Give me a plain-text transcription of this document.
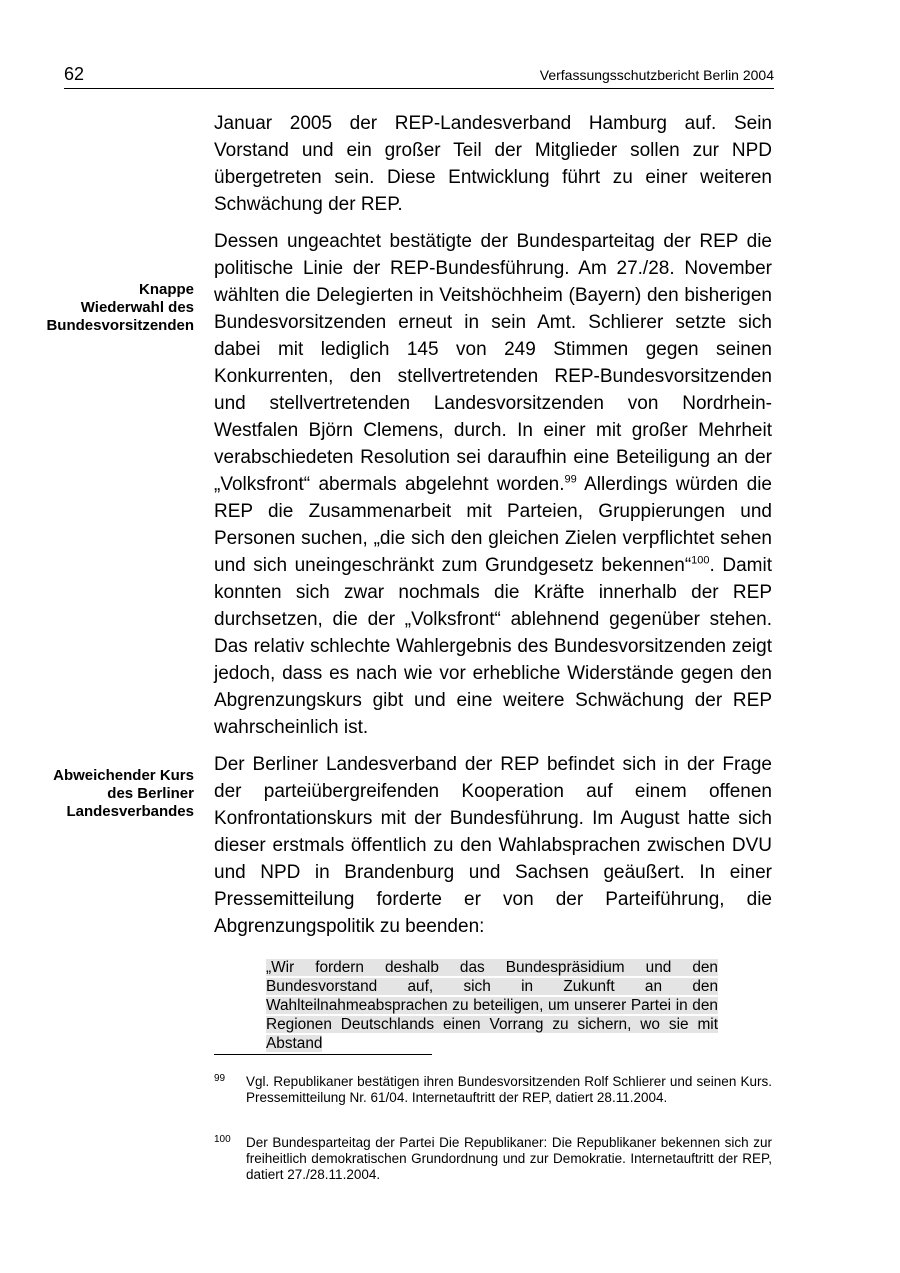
62	Verfassungsschutzbericht Berlin 2004
Knappe
Wiederwahl des
Bundesvorsitzenden
Abweichender Kurs
des Berliner
Landesverbandes

Januar 2005 der REP-Landesverband Hamburg auf. Sein Vorstand und ein großer Teil der Mitglieder sollen zur NPD übergetreten sein. Diese Entwicklung führt zu einer weiteren Schwächung der REP.

Dessen ungeachtet bestätigte der Bundesparteitag der REP die politische Linie der REP-Bundesführung. Am 27./28. November wählten die Delegierten in Veitshöchheim (Bayern) den bisherigen Bundesvorsitzenden erneut in sein Amt. Schlierer setzte sich dabei mit lediglich 145 von 249 Stimmen gegen seinen Konkurrenten, den stellvertretenden REP-Bundesvorsitzenden und stellvertretenden Landesvorsitzenden von Nordrhein-Westfalen Björn Clemens, durch. In einer mit großer Mehrheit verabschiedeten Resolution sei daraufhin eine Beteiligung an der „Volksfront“ abermals abgelehnt worden.$^{99}$ Allerdings würden die REP die Zusammenarbeit mit Parteien, Gruppierungen und Personen suchen, „die sich den gleichen Zielen verpflichtet sehen und sich uneingeschränkt zum Grundgesetz bekennen“$^{100}$. Damit konnten sich zwar nochmals die Kräfte innerhalb der REP durchsetzen, die der „Volksfront“ ablehnend gegenüber stehen. Das relativ schlechte Wahlergebnis des Bundesvorsitzenden zeigt jedoch, dass es nach wie vor erhebliche Widerstände gegen den Abgrenzungskurs gibt und eine weitere Schwächung der REP wahrscheinlich ist.

Der Berliner Landesverband der REP befindet sich in der Frage der parteiübergreifenden Kooperation auf einem offenen Konfrontationskurs mit der Bundesführung. Im August hatte sich dieser erstmals öffentlich zu den Wahlabsprachen zwischen DVU und NPD in Brandenburg und Sachsen geäußert. In einer Pressemitteilung forderte er von der Parteiführung, die Abgrenzungspolitik zu beenden:

„Wir fordern deshalb das Bundespräsidium und den Bundesvorstand auf, sich in Zukunft an den Wahlteilnahmeabsprachen zu beteiligen, um unserer Partei in den Regionen Deutschlands einen Vorrang zu sichern, wo sie mit Abstand
99 Vgl. Republikaner bestätigen ihren Bundesvorsitzenden Rolf Schlierer und seinen Kurs. Pressemitteilung Nr. 61/04. Internetauftritt der REP, datiert 28.11.2004.
100 Der Bundesparteitag der Partei Die Republikaner: Die Republikaner bekennen sich zur freiheitlich demokratischen Grundordnung und zur Demokratie. Internetauftritt der REP, datiert 27./28.11.2004.
